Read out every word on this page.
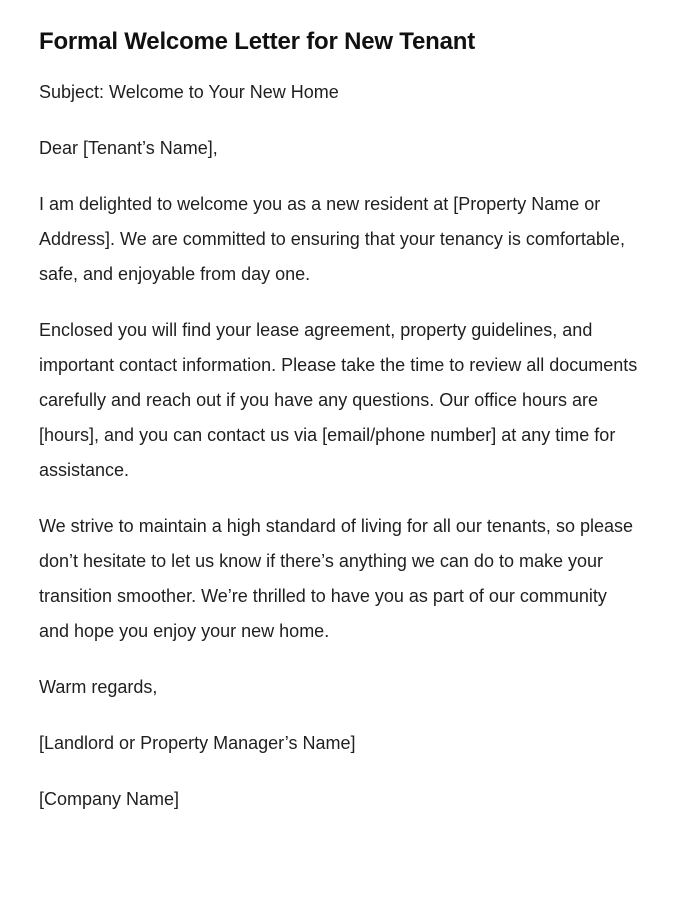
Formal Welcome Letter for New Tenant

Subject: Welcome to Your New Home

Dear [Tenant’s Name],

I am delighted to welcome you as a new resident at [Property Name or Address]. We are committed to ensuring that your tenancy is comfortable, safe, and enjoyable from day one.

Enclosed you will find your lease agreement, property guidelines, and important contact information. Please take the time to review all documents carefully and reach out if you have any questions. Our office hours are [hours], and you can contact us via [email/phone number] at any time for assistance.

We strive to maintain a high standard of living for all our tenants, so please don’t hesitate to let us know if there’s anything we can do to make your transition smoother. We’re thrilled to have you as part of our community and hope you enjoy your new home.

Warm regards,

[Landlord or Property Manager’s Name]

[Company Name]
